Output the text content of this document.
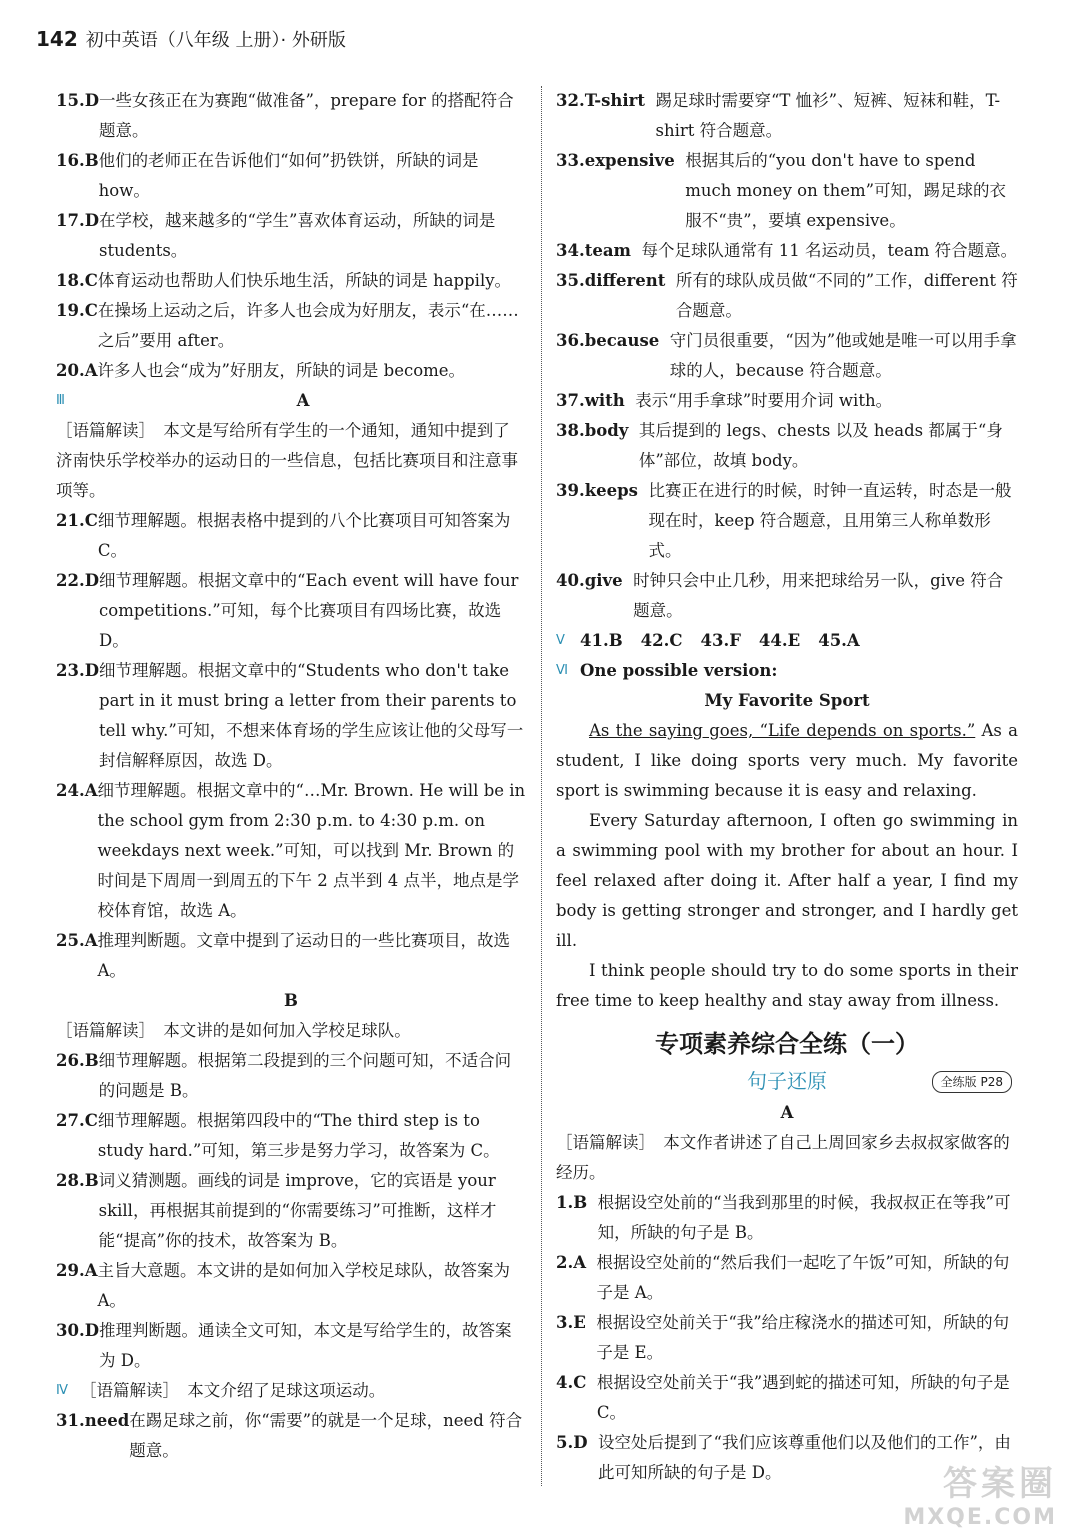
142 初中英语（八年级 上册）· 外研版
15.D 一些女孩正在为赛跑“做准备”，prepare for 的搭配符合题意。
16.B 他们的老师正在告诉他们“如何”扔铁饼，所缺的词是 how。
17.D 在学校，越来越多的“学生”喜欢体育运动，所缺的词是 students。
18.C 体育运动也帮助人们快乐地生活，所缺的词是 happily。
19.C 在操场上运动之后，许多人也会成为好朋友，表示“在……之后”要用 after。
20.A 许多人也会“成为”好朋友，所缺的词是 become。
Ⅲ	A
［语篇解读］　本文是写给所有学生的一个通知，通知中提到了济南快乐学校举办的运动日的一些信息，包括比赛项目和注意事项等。
21.C 细节理解题。根据表格中提到的八个比赛项目可知答案为 C。
22.D 细节理解题。根据文章中的“Each event will have four competitions.”可知，每个比赛项目有四场比赛，故选 D。
23.D 细节理解题。根据文章中的“Students who don't take part in it must bring a letter from their parents to tell why.”可知，不想来体育场的学生应该让他的父母写一封信解释原因，故选 D。
24.A 细节理解题。根据文章中的“…Mr. Brown. He will be in the school gym from 2:30 p.m. to 4:30 p.m. on weekdays next week.”可知，可以找到 Mr. Brown 的时间是下周周一到周五的下午 2 点半到 4 点半，地点是学校体育馆，故选 A。
25.A 推理判断题。文章中提到了运动日的一些比赛项目，故选 A。
B
［语篇解读］　本文讲的是如何加入学校足球队。
26.B 细节理解题。根据第二段提到的三个问题可知，不适合问的问题是 B。
27.C 细节理解题。根据第四段中的“The third step is to study hard.”可知，第三步是努力学习，故答案为 C。
28.B 词义猜测题。画线的词是 improve，它的宾语是 your skill，再根据其前提到的“你需要练习”可推断，这样才能“提高”你的技术，故答案为 B。
29.A 主旨大意题。本文讲的是如何加入学校足球队，故答案为 A。
30.D 推理判断题。通读全文可知，本文是写给学生的，故答案为 D。
Ⅳ ［语篇解读］　本文介绍了足球这项运动。
31.need 在踢足球之前，你“需要”的就是一个足球，need 符合题意。
32.T-shirt
踢足球时需要穿“T 恤衫”、短裤、短袜和鞋，T-shirt 符合题意。
33.expensive
根据其后的“you don't have to spend much money on them”可知，踢足球的衣服不“贵”，要填 expensive。
34.team
每个足球队通常有 11 名运动员，team 符合题意。
35.different
所有的球队成员做“不同的”工作，different 符合题意。
36.because
守门员很重要，“因为”他或她是唯一可以用手拿球的人，because 符合题意。
37.with
表示“用手拿球”时要用介词 with。
38.body
其后提到的 legs、chests 以及 heads 都属于“身体”部位，故填 body。
39.keeps
比赛正在进行的时候，时钟一直运转，时态是一般现在时，keep 符合题意，且用第三人称单数形式。
40.give
时钟只会中止几秒，用来把球给另一队，give 符合题意。
Ⅴ 41.B 42.C 43.F 44.E 45.A
Ⅵ One possible version:
My Favorite Sport
As the saying goes, “Life depends on sports.” As a student, I like doing sports very much. My favorite sport is swimming because it is easy and relaxing.
Every Saturday afternoon, I often go swimming in a swimming pool with my brother for about an hour. I feel relaxed after doing it. After half a year, I find my body is getting stronger and stronger, and I hardly get ill.
I think people should try to do some sports in their free time to keep healthy and stay away from illness.
专项素养综合全练（一）
句子还原	全练版 P28
A
［语篇解读］　本文作者讲述了自己上周回家乡去叔叔家做客的经历。
1.B
根据设空处前的“当我到那里的时候，我叔叔正在等我”可知，所缺的句子是 B。
2.A
根据设空处前的“然后我们一起吃了午饭”可知，所缺的句子是 A。
3.E
根据设空处前关于“我”给庄稼浇水的描述可知，所缺的句子是 E。
4.C
根据设空处前关于“我”遇到蛇的描述可知，所缺的句子是 C。
5.D
设空处后提到了“我们应该尊重他们以及他们的工作”，由此可知所缺的句子是 D。	答案圈
MXQE.COM
